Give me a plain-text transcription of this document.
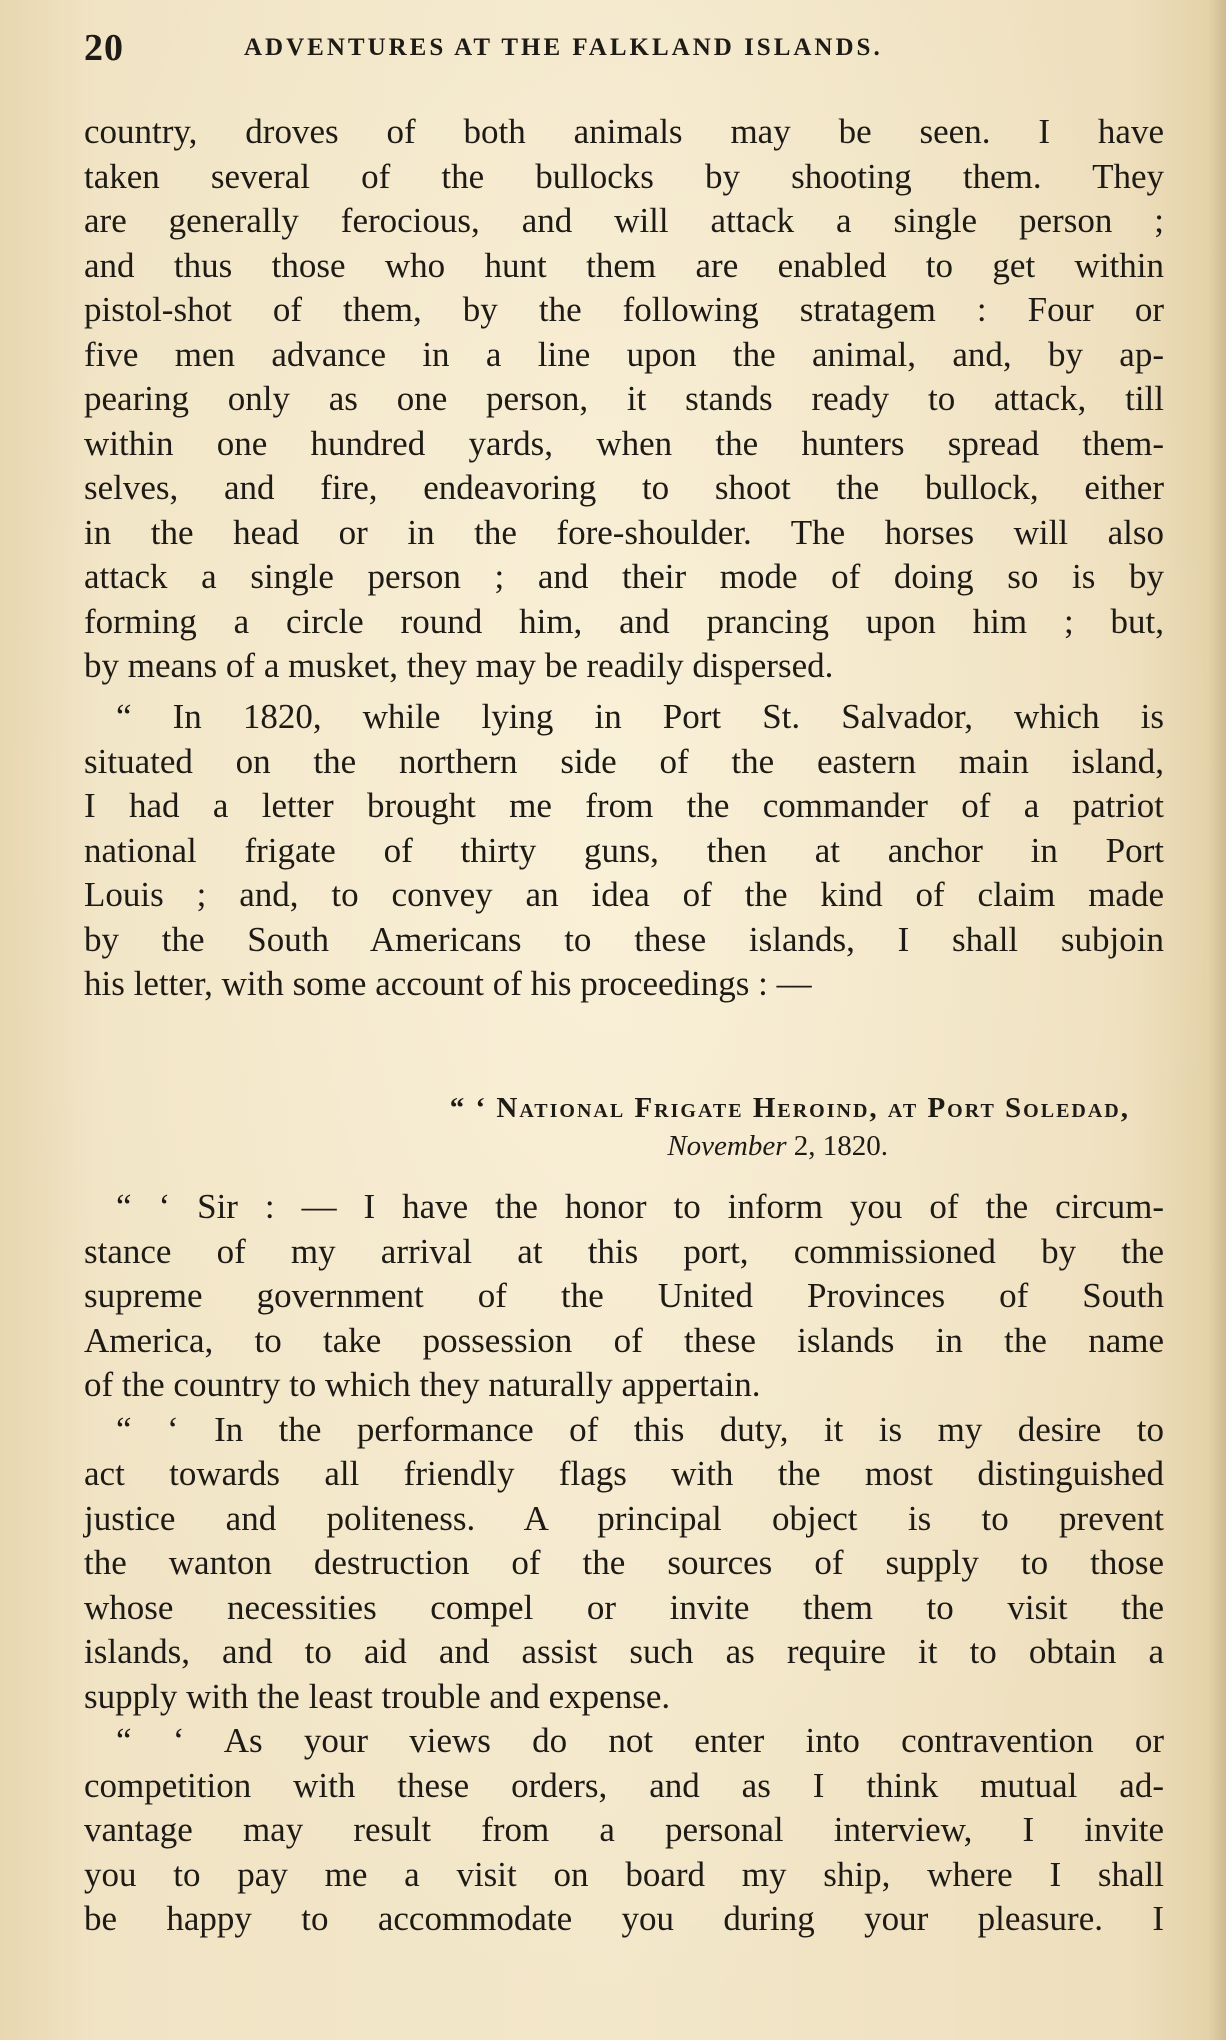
20	ADVENTURES AT THE FALKLAND ISLANDS.
country, droves of both animals may be seen. I have
taken several of the bullocks by shooting them. They
are generally ferocious, and will attack a single person ;
and thus those who hunt them are enabled to get within
pistol-shot of them, by the following stratagem : Four or
five men advance in a line upon the animal, and, by ap-
pearing only as one person, it stands ready to attack, till
within one hundred yards, when the hunters spread them-
selves, and fire, endeavoring to shoot the bullock, either
in the head or in the fore-shoulder. The horses will also
attack a single person ; and their mode of doing so is by
forming a circle round him, and prancing upon him ; but,
by means of a musket, they may be readily dispersed.
“ In 1820, while lying in Port St. Salvador, which is
situated on the northern side of the eastern main island,
I had a letter brought me from the commander of a patriot
national frigate of thirty guns, then at anchor in Port
Louis ; and, to convey an idea of the kind of claim made
by the South Americans to these islands, I shall subjoin
his letter, with some account of his proceedings : —
“ ‘ National Frigate Heroind, at Port Soledad,
November 2, 1820.
“ ‘ Sir : — I have the honor to inform you of the circum-
stance of my arrival at this port, commissioned by the
supreme government of the United Provinces of South
America, to take possession of these islands in the name
of the country to which they naturally appertain.
“ ‘ In the performance of this duty, it is my desire to
act towards all friendly flags with the most distinguished
justice and politeness. A principal object is to prevent
the wanton destruction of the sources of supply to those
whose necessities compel or invite them to visit the
islands, and to aid and assist such as require it to obtain a
supply with the least trouble and expense.
“ ‘ As your views do not enter into contravention or
competition with these orders, and as I think mutual ad-
vantage may result from a personal interview, I invite
you to pay me a visit on board my ship, where I shall
be happy to accommodate you during your pleasure. I
